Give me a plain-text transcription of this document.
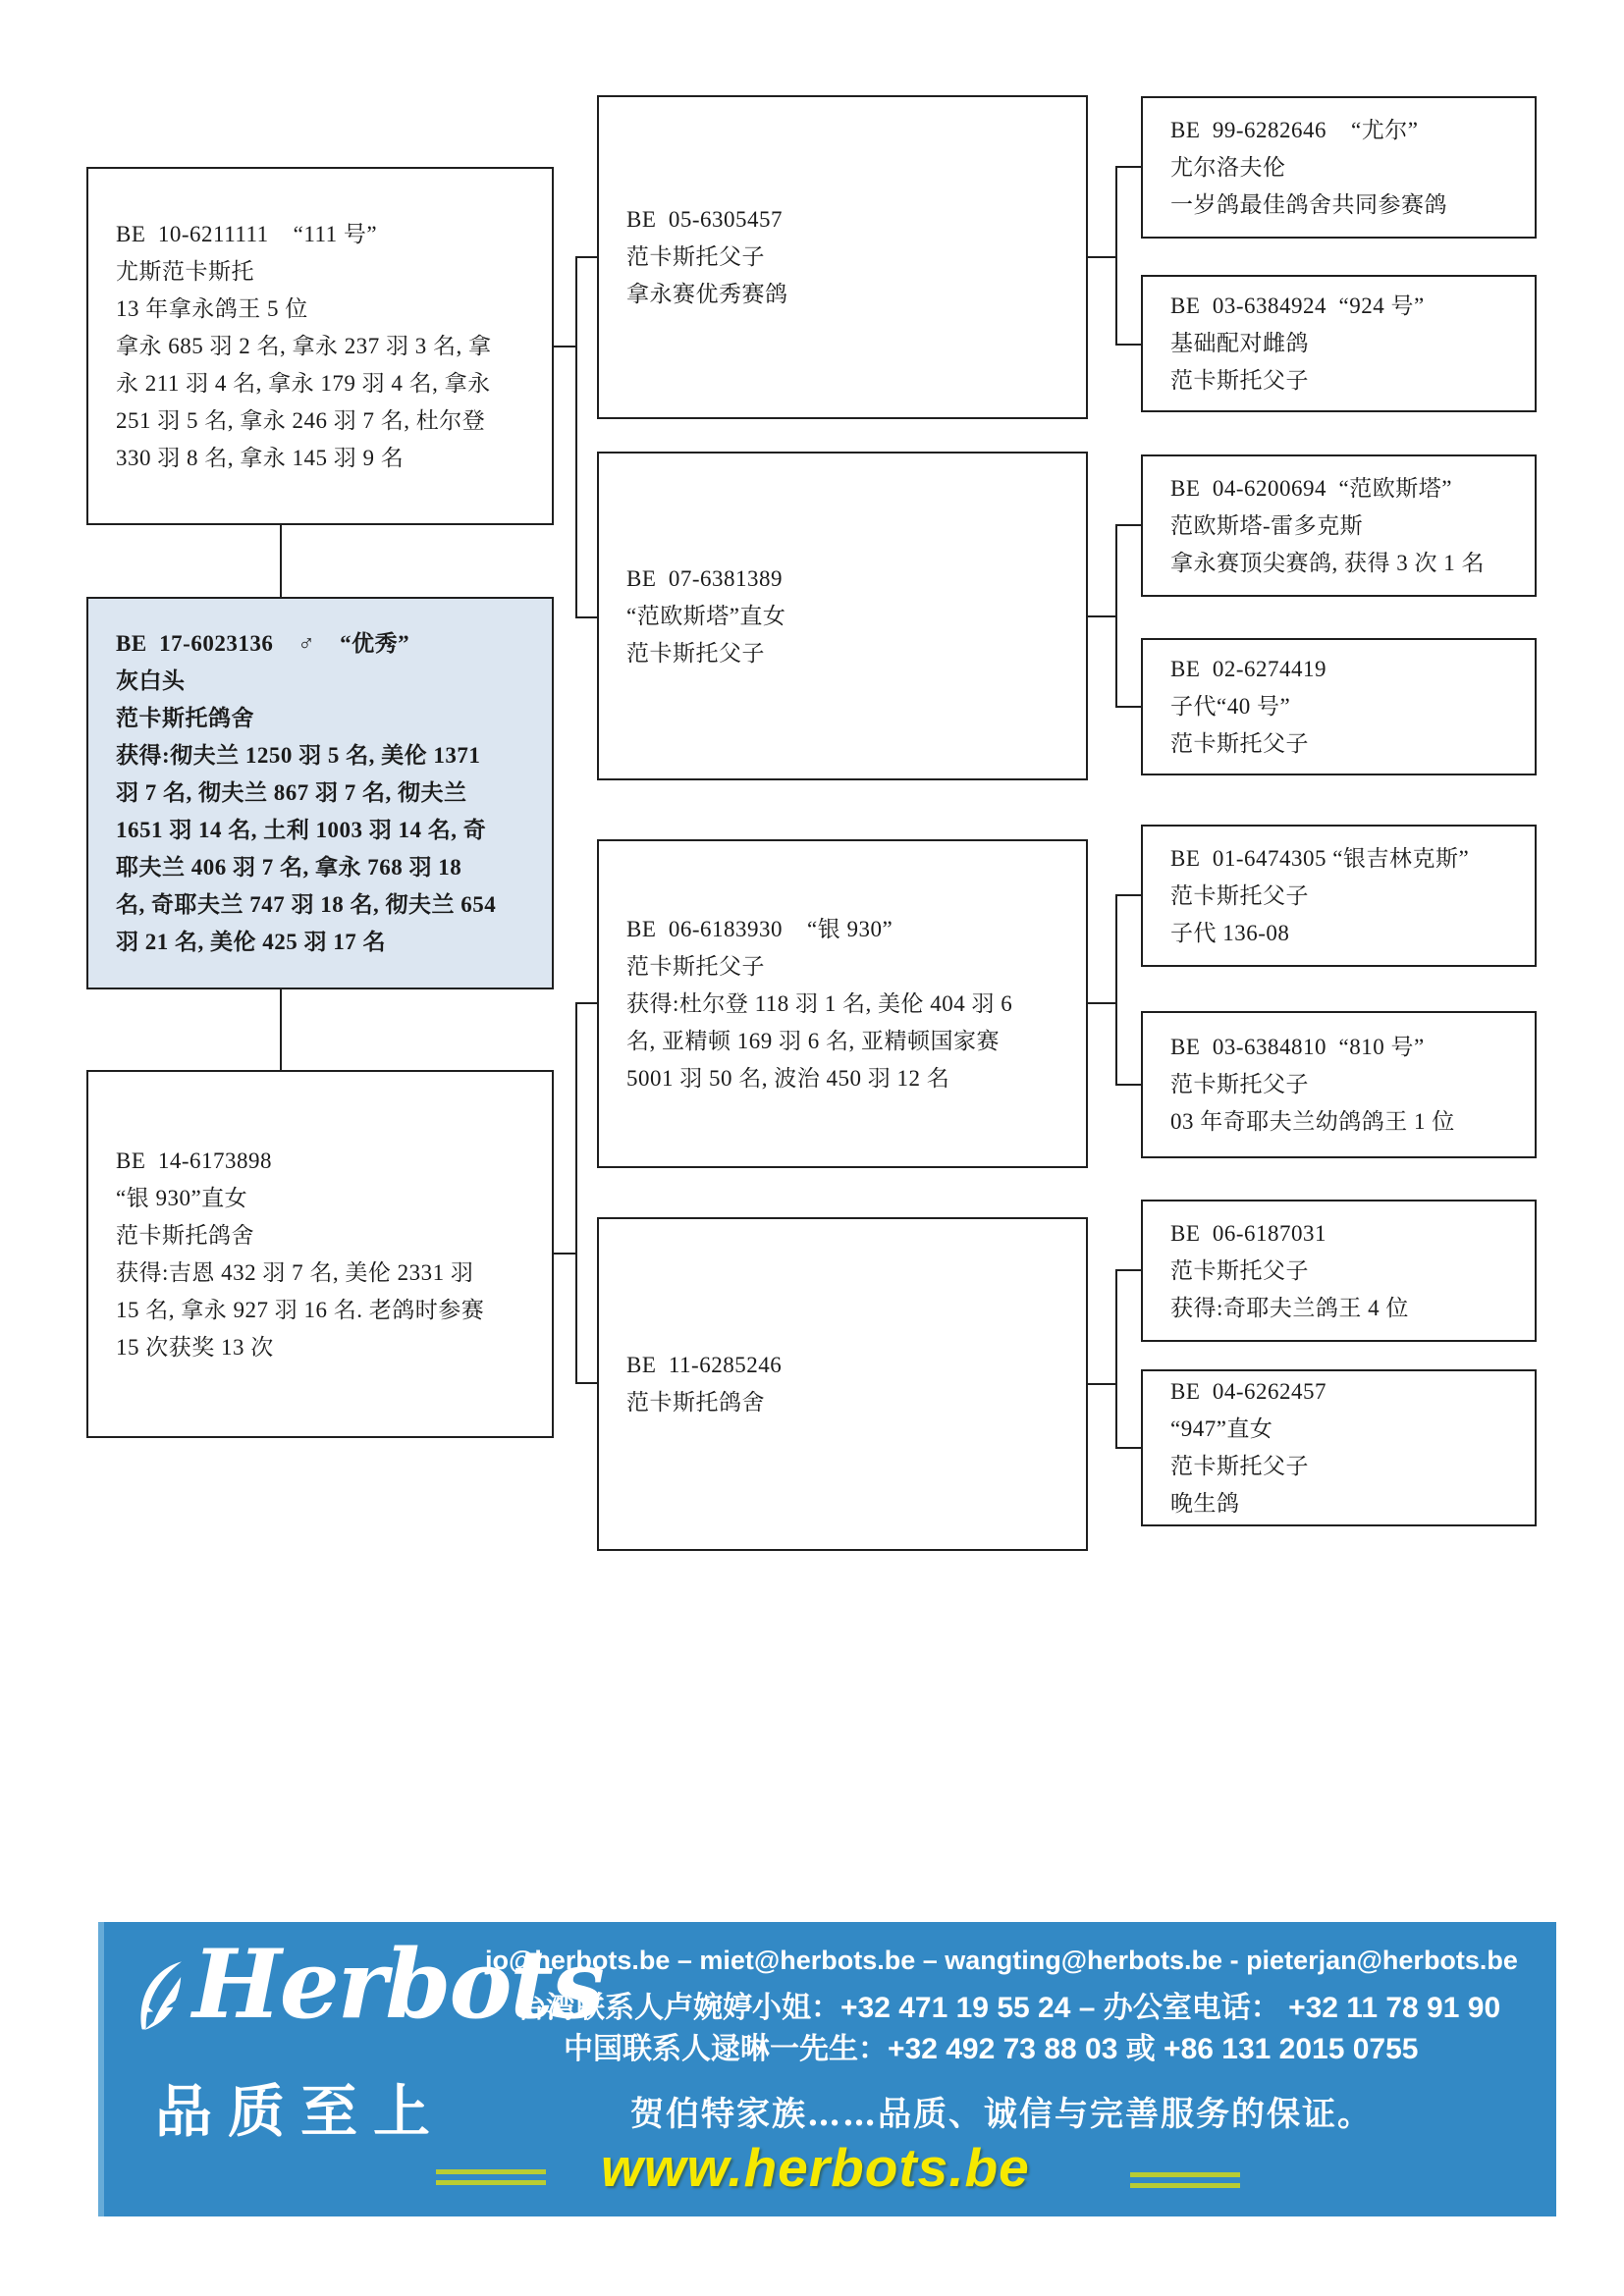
BE  10-6211111    “111 号”
尤斯范卡斯托
13 年拿永鸽王 5 位
拿永 685 羽 2 名, 拿永 237 羽 3 名, 拿
永 211 羽 4 名, 拿永 179 羽 4 名, 拿永
251 羽 5 名, 拿永 246 羽 7 名, 杜尔登
330 羽 8 名, 拿永 145 羽 9 名
BE  17-6023136    ♂    “优秀”
灰白头
范卡斯托鸽舍
获得:彻夫兰 1250 羽 5 名, 美伦 1371
羽 7 名, 彻夫兰 867 羽 7 名, 彻夫兰
1651 羽 14 名, 土利 1003 羽 14 名, 奇
耶夫兰 406 羽 7 名, 拿永 768 羽 18
名, 奇耶夫兰 747 羽 18 名, 彻夫兰 654
羽 21 名, 美伦 425 羽 17 名
BE  14-6173898
“银 930”直女
范卡斯托鸽舍
获得:吉恩 432 羽 7 名, 美伦 2331 羽
15 名, 拿永 927 羽 16 名. 老鸽时参赛
15 次获奖 13 次
BE  05-6305457
范卡斯托父子
拿永赛优秀赛鸽
BE  07-6381389
“范欧斯塔”直女
范卡斯托父子
BE  06-6183930    “银 930”
范卡斯托父子
获得:杜尔登 118 羽 1 名, 美伦 404 羽 6
名, 亚精顿 169 羽 6 名, 亚精顿国家赛
5001 羽 50 名, 波治 450 羽 12 名
BE  11-6285246
范卡斯托鸽舍
BE  99-6282646    “尤尔”
尤尔洛夫伦
一岁鸽最佳鸽舍共同参赛鸽
BE  03-6384924  “924 号”
基础配对雌鸽
范卡斯托父子
BE  04-6200694  “范欧斯塔”
范欧斯塔-雷多克斯
拿永赛顶尖赛鸽, 获得 3 次 1 名
BE  02-6274419
子代“40 号”
范卡斯托父子
BE  01-6474305 “银吉林克斯”
范卡斯托父子
子代 136-08
BE  03-6384810  “810 号”
范卡斯托父子
03 年奇耶夫兰幼鸽鸽王 1 位
BE  06-6187031
范卡斯托父子
获得:奇耶夫兰鸽王 4 位
BE  04-6262457
“947”直女
范卡斯托父子
晚生鸽
Herbots
品质至上
jo@herbots.be – miet@herbots.be – wangting@herbots.be - pieterjan@herbots.be
台湾联系人卢婉婷小姐：+32 471 19 55 24 – 办公室电话： +32 11 78 91 90
中国联系人逯晽一先生：+32 492 73 88 03 或 +86 131 2015 0755
贺伯特家族……品质、诚信与完善服务的保证。
www.herbots.be
